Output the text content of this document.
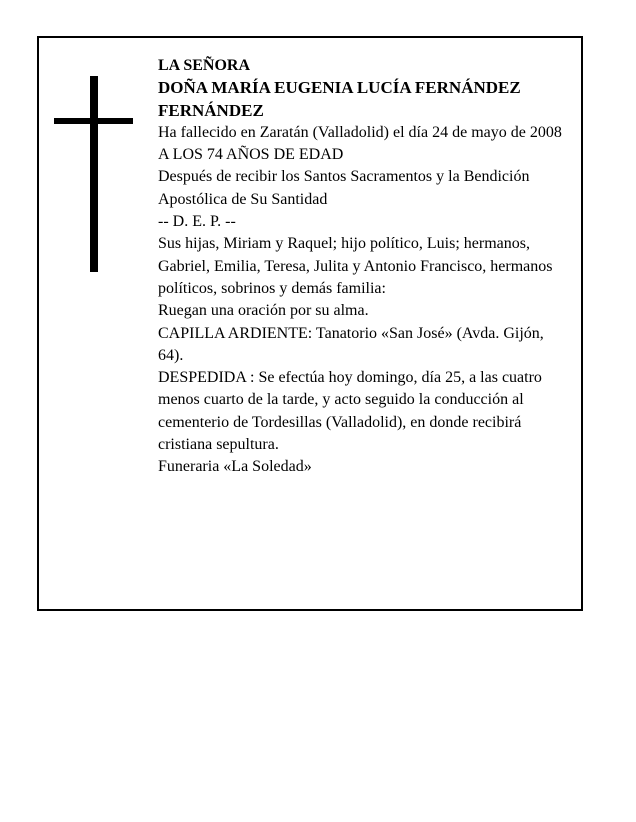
LA SEÑORA

DOÑA MARÍA EUGENIA LUCÍA FERNÁNDEZ FERNÁNDEZ

Ha fallecido en Zaratán (Valladolid) el día 24 de mayo de 2008

A LOS 74 AÑOS DE EDAD

Después de recibir los Santos Sacramentos y la Bendición Apostólica de Su Santidad

-- D. E. P. --

Sus hijas, Miriam y Raquel; hijo político, Luis; hermanos, Gabriel, Emilia, Teresa, Julita y Antonio Francisco, hermanos políticos, sobrinos y demás familia:

Ruegan una oración por su alma.

CAPILLA ARDIENTE: Tanatorio «San José» (Avda. Gijón, 64).

DESPEDIDA : Se efectúa hoy domingo, día 25, a las cuatro menos cuarto de la tarde, y acto seguido la conducción al cementerio de Tordesillas (Valladolid), en donde recibirá cristiana sepultura.

Funeraria «La Soledad»
